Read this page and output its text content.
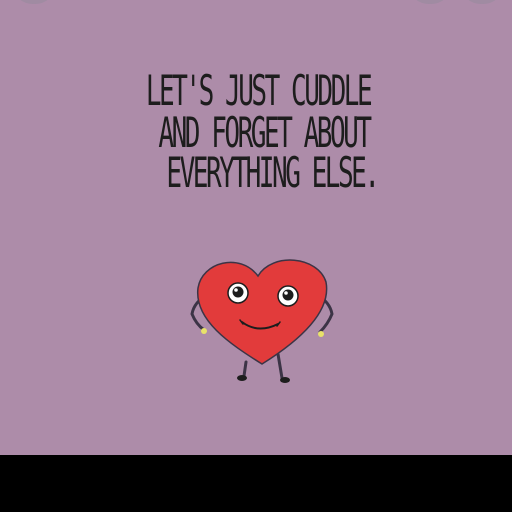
LET'S JUST CUDDLE
AND FORGET ABOUT
EVERYTHING ELSE.
